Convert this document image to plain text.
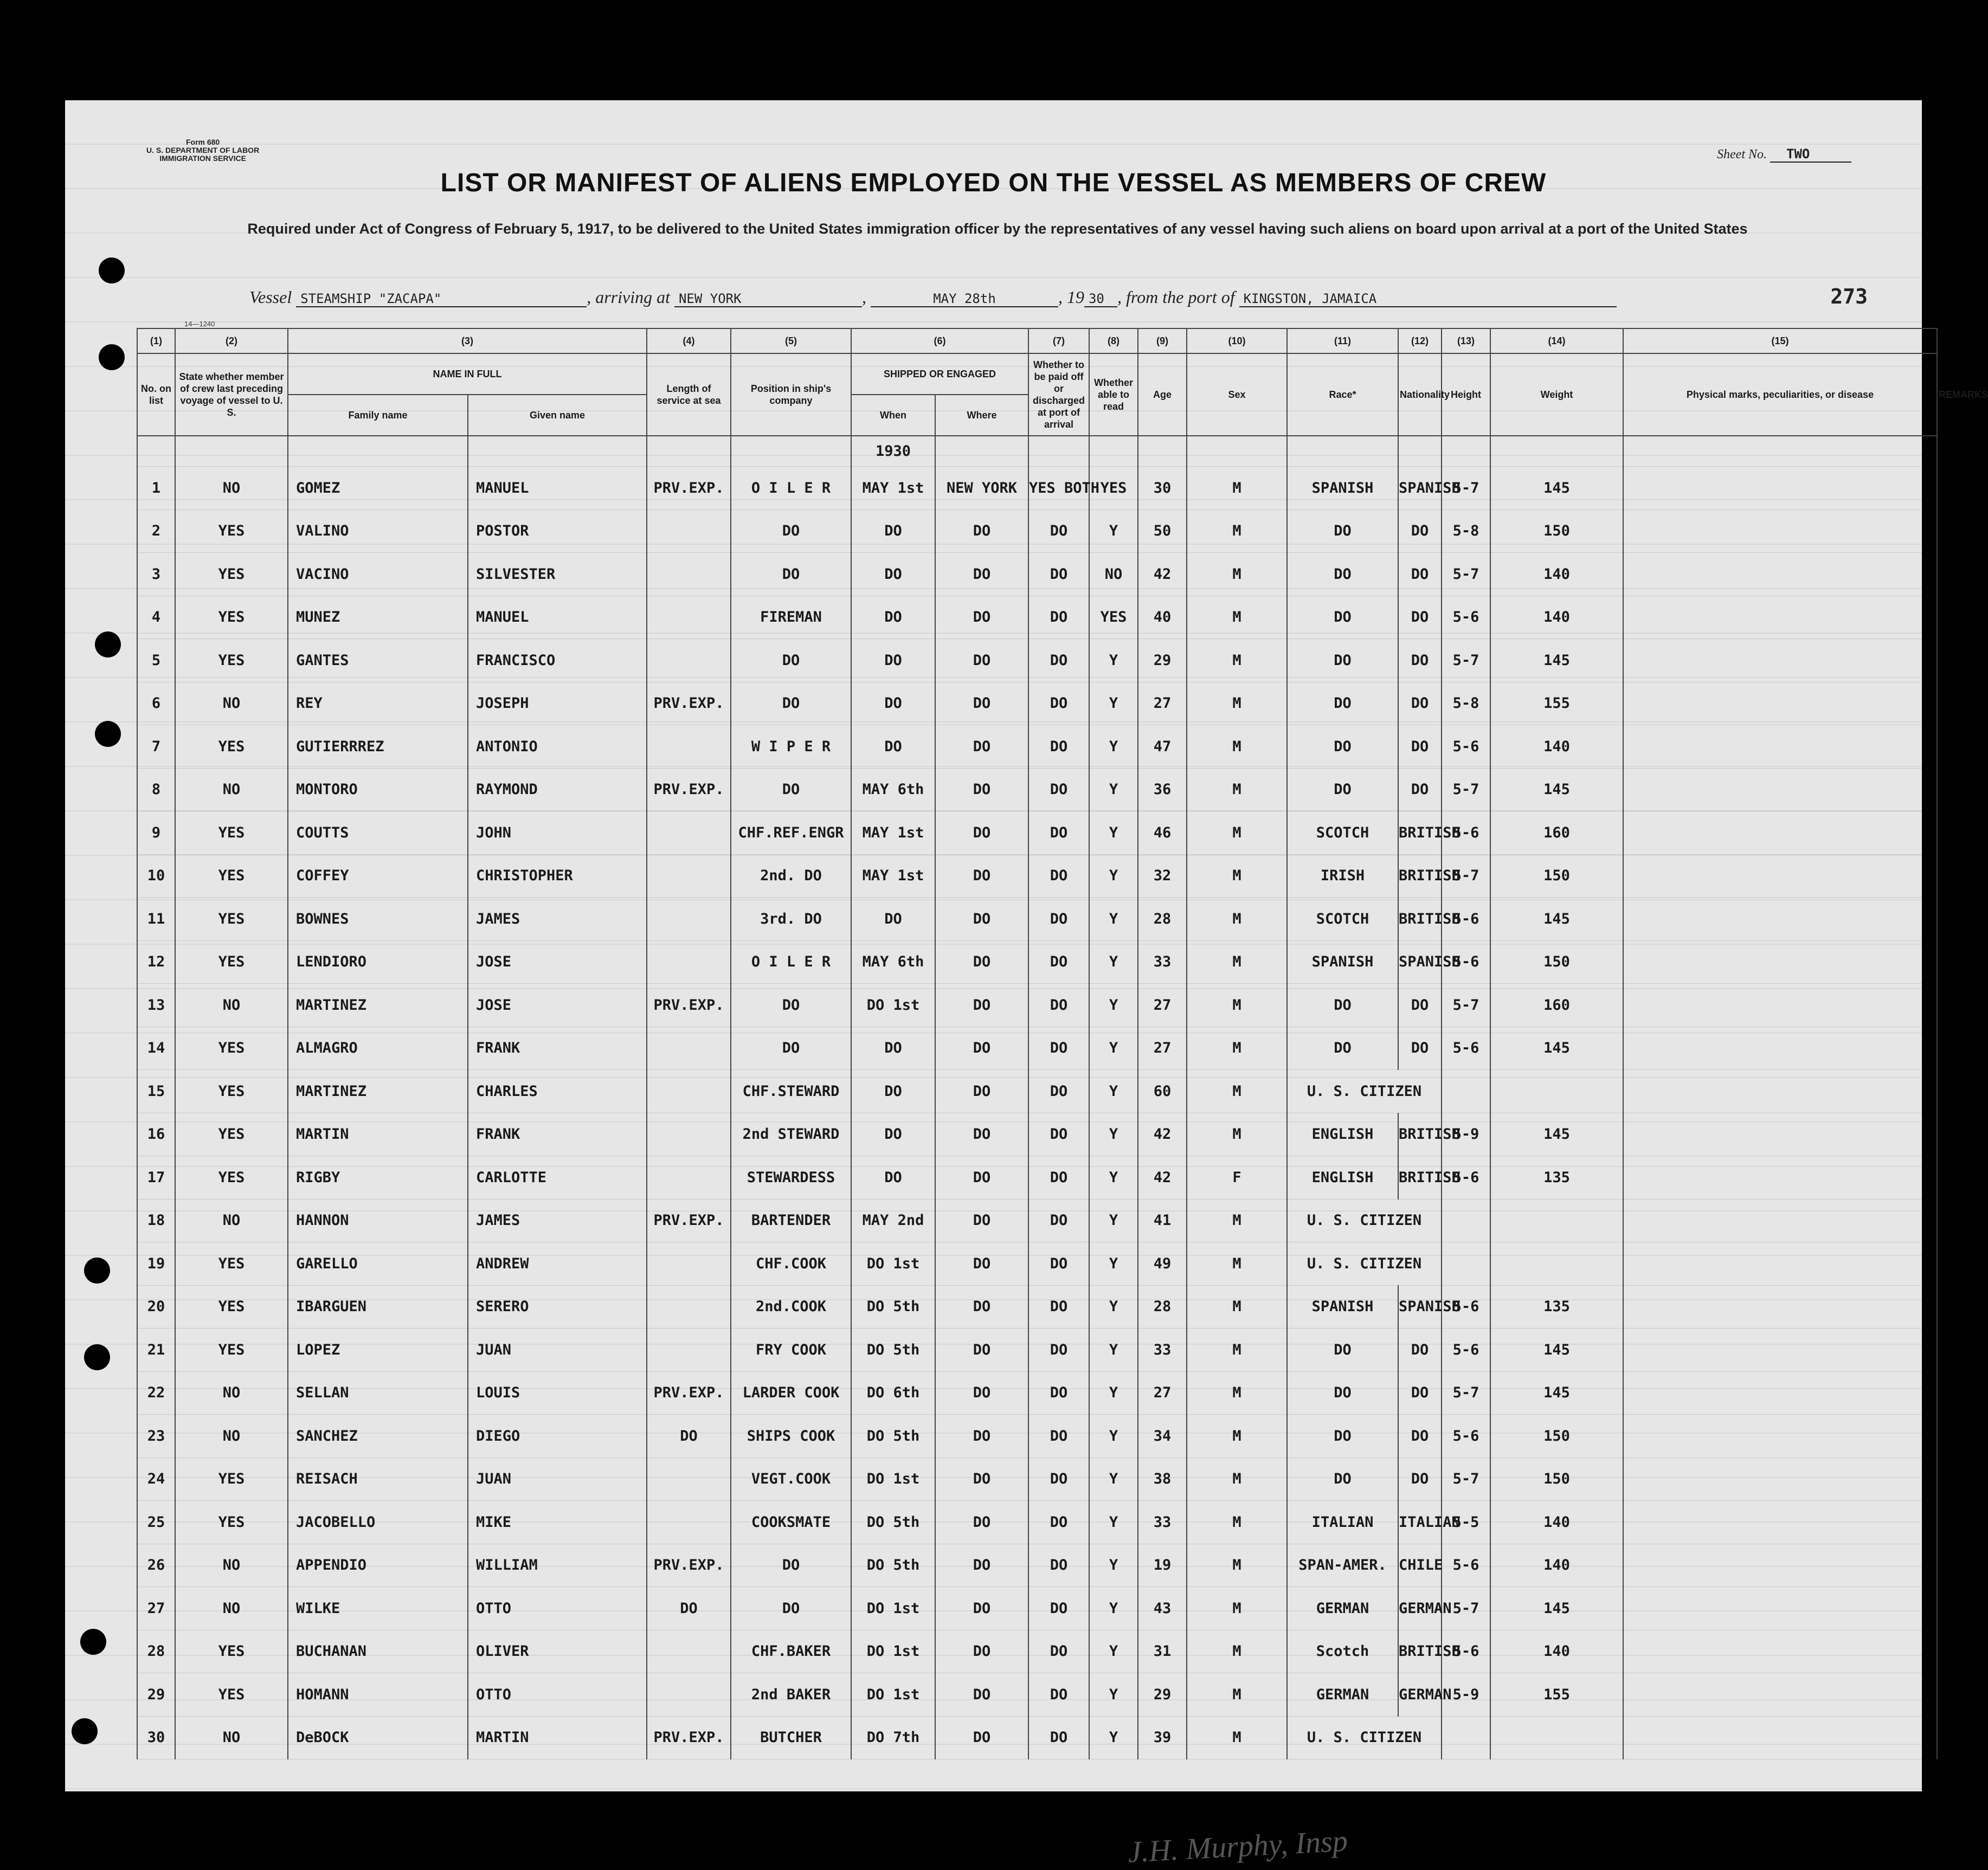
Form 680
U. S. DEPARTMENT OF LABOR
IMMIGRATION SERVICE	Sheet No. TWO
LIST OR MANIFEST OF ALIENS EMPLOYED ON THE VESSEL AS MEMBERS OF CREW
Required under Act of Congress of February 5, 1917, to be delivered to the United States immigration officer by the representatives of any vessel having such aliens on board upon arrival at a port of the United States
Vessel STEAMSHIP "ZACAPA"	, arriving at NEW YORK	,	MAY 28th	, 19 30 , from the port of KINGSTON, JAMAICA	273
14—1240
(1)	(2)	(3)		(4)	(5)	(6)		(7)	(8)	(9)	(10)	(11)	(12)	(13)	(14)	(15)	
No. on list	State whether member of crew last preceding voyage of vessel to U. S.	NAME IN FULL		Length of service at sea	Position in ship's company	SHIPPED OR ENGAGED		Whether to be paid off or discharged at port of arrival	Whether able to read	Age	Sex	Race*	Nationality	Height	Weight	Physical marks, peculiarities, or disease	REMARKS
		Family name	Given name			When	Where										
						1930											
1	NO	GOMEZ	MANUEL	PRV.EXP.	O I L E R	MAY 1st	NEW YORK	YES BOTH	YES	30	M	SPANISH	SPANISH	5-7	145		
2	YES	VALINO	POSTOR		DO	DO	DO	DO	Y	50	M	DO	DO	5-8	150		
3	YES	VACINO	SILVESTER		DO	DO	DO	DO	NO	42	M	DO	DO	5-7	140		
4	YES	MUNEZ	MANUEL		FIREMAN	DO	DO	DO	YES	40	M	DO	DO	5-6	140		
5	YES	GANTES	FRANCISCO		DO	DO	DO	DO	Y	29	M	DO	DO	5-7	145		
6	NO	REY	JOSEPH	PRV.EXP.	DO	DO	DO	DO	Y	27	M	DO	DO	5-8	155		
7	YES	GUTIERRREZ	ANTONIO		W I P E R	DO	DO	DO	Y	47	M	DO	DO	5-6	140		
8	NO	MONTORO	RAYMOND	PRV.EXP.	DO	MAY 6th	DO	DO	Y	36	M	DO	DO	5-7	145		
9	YES	COUTTS	JOHN		CHF.REF.ENGR	MAY 1st	DO	DO	Y	46	M	SCOTCH	BRITISH	5-6	160		
10	YES	COFFEY	CHRISTOPHER		2nd. DO	MAY 1st	DO	DO	Y	32	M	IRISH	BRITISH	5-7	150		
11	YES	BOWNES	JAMES		3rd. DO	DO	DO	DO	Y	28	M	SCOTCH	BRITISH	5-6	145		
12	YES	LENDIORO	JOSE		O I L E R	MAY 6th	DO	DO	Y	33	M	SPANISH	SPANISH	5-6	150		
13	NO	MARTINEZ	JOSE	PRV.EXP.	DO	DO 1st	DO	DO	Y	27	M	DO	DO	5-7	160		
14	YES	ALMAGRO	FRANK		DO	DO	DO	DO	Y	27	M	DO	DO	5-6	145		
15	YES	MARTINEZ	CHARLES		CHF.STEWARD	DO	DO	DO	Y	60	M	U. S. CITIZEN					
16	YES	MARTIN	FRANK		2nd STEWARD	DO	DO	DO	Y	42	M	ENGLISH	BRITISH	5-9	145		
17	YES	RIGBY	CARLOTTE		STEWARDESS	DO	DO	DO	Y	42	F	ENGLISH	BRITISH	5-6	135		
18	NO	HANNON	JAMES	PRV.EXP.	BARTENDER	MAY 2nd	DO	DO	Y	41	M	U. S. CITIZEN					
19	YES	GARELLO	ANDREW		CHF.COOK	DO 1st	DO	DO	Y	49	M	U. S. CITIZEN					
20	YES	IBARGUEN	SERERO		2nd.COOK	DO 5th	DO	DO	Y	28	M	SPANISH	SPANISH	5-6	135		
21	YES	LOPEZ	JUAN		FRY COOK	DO 5th	DO	DO	Y	33	M	DO	DO	5-6	145		
22	NO	SELLAN	LOUIS	PRV.EXP.	LARDER COOK	DO 6th	DO	DO	Y	27	M	DO	DO	5-7	145		
23	NO	SANCHEZ	DIEGO	DO	SHIPS COOK	DO 5th	DO	DO	Y	34	M	DO	DO	5-6	150		
24	YES	REISACH	JUAN		VEGT.COOK	DO 1st	DO	DO	Y	38	M	DO	DO	5-7	150		
25	YES	JACOBELLO	MIKE		COOKSMATE	DO 5th	DO	DO	Y	33	M	ITALIAN	ITALIAN	5-5	140		
26	NO	APPENDIO	WILLIAM	PRV.EXP.	DO	DO 5th	DO	DO	Y	19	M	SPAN-AMER.	CHILE	5-6	140		
27	NO	WILKE	OTTO	DO	DO	DO 1st	DO	DO	Y	43	M	GERMAN	GERMAN	5-7	145		
28	YES	BUCHANAN	OLIVER		CHF.BAKER	DO 1st	DO	DO	Y	31	M	Scotch	BRITISH	5-6	140		
29	YES	HOMANN	OTTO		2nd BAKER	DO 1st	DO	DO	Y	29	M	GERMAN	GERMAN	5-9	155		
30	NO	DeBOCK	MARTIN	PRV.EXP.	BUTCHER	DO 7th	DO	DO	Y	39	M	U. S. CITIZEN					
J.H. Murphy, Insp
